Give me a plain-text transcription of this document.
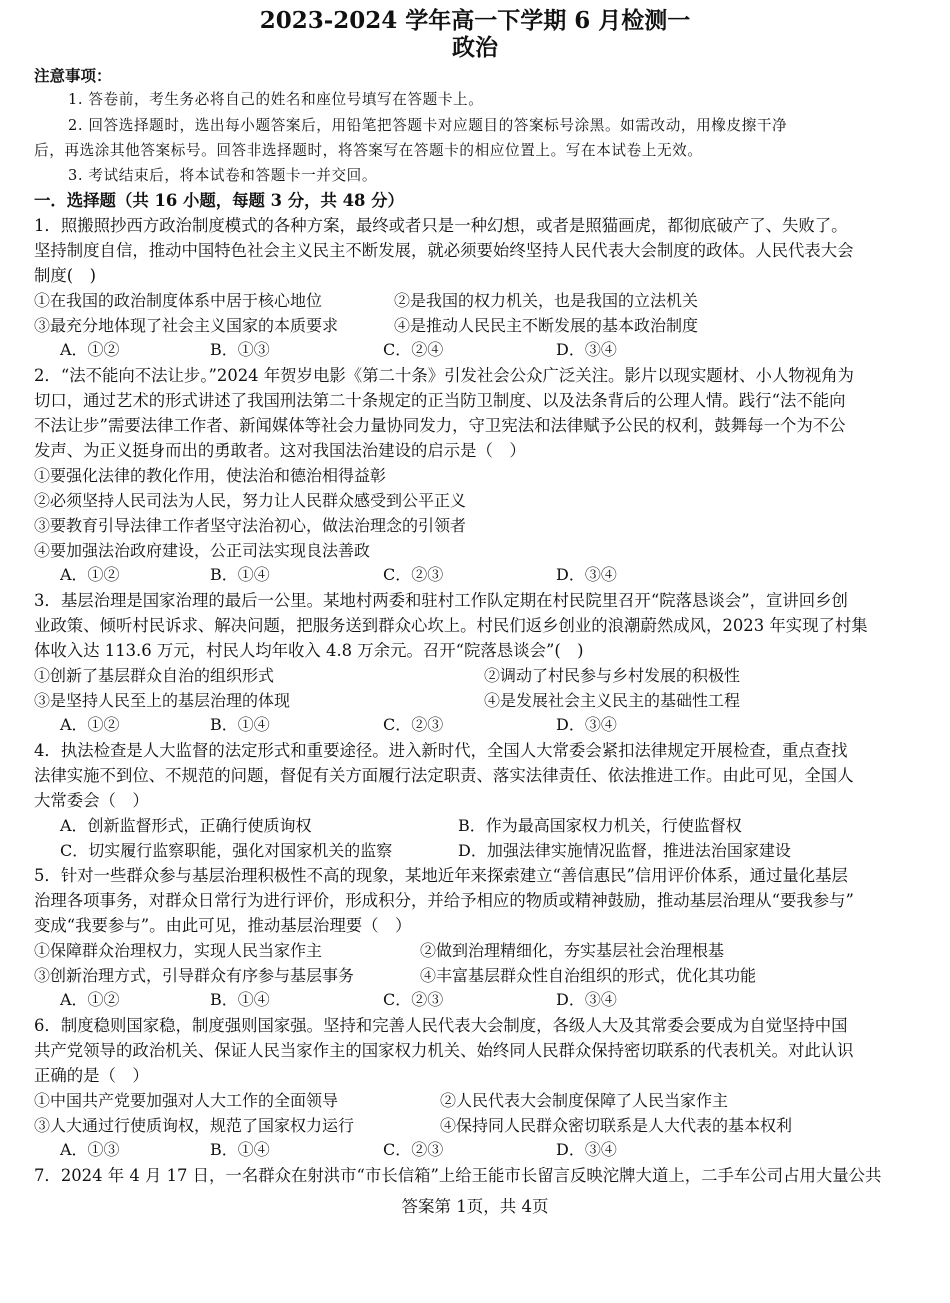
2023-2024 学年高一下学期 6 月检测一
政治
注意事项：
1. 答卷前，考生务必将自己的姓名和座位号填写在答题卡上。
2. 回答选择题时，选出每小题答案后，用铅笔把答题卡对应题目的答案标号涂黑。如需改动，用橡皮擦干净
后，再选涂其他答案标号。回答非选择题时，将答案写在答题卡的相应位置上。写在本试卷上无效。
3. 考试结束后，将本试卷和答题卡一并交回。
一．选择题（共 16 小题，每题 3 分，共 48 分）
1．照搬照抄西方政治制度模式的各种方案，最终或者只是一种幻想，或者是照猫画虎，都彻底破产了、失败了。
坚持制度自信，推动中国特色社会主义民主不断发展，就必须要始终坚持人民代表大会制度的政体。人民代表大会
制度(　)
①在我国的政治制度体系中居于核心地位	②是我国的权力机关，也是我国的立法机关
③最充分地体现了社会主义国家的本质要求	④是推动人民民主不断发展的基本政治制度
A．①②	B．①③	C．②④	D．③④
2．“法不能向不法让步。”2024 年贺岁电影《第二十条》引发社会公众广泛关注。影片以现实题材、小人物视角为
切口，通过艺术的形式讲述了我国刑法第二十条规定的正当防卫制度、以及法条背后的公理人情。践行“法不能向
不法让步”需要法律工作者、新闻媒体等社会力量协同发力，守卫宪法和法律赋予公民的权利，鼓舞每一个为不公
发声、为正义挺身而出的勇敢者。这对我国法治建设的启示是（　）
①要强化法律的教化作用，使法治和德治相得益彰
②必须坚持人民司法为人民，努力让人民群众感受到公平正义
③要教育引导法律工作者坚守法治初心，做法治理念的引领者
④要加强法治政府建设，公正司法实现良法善政
A．①②	B．①④	C．②③	D．③④
3．基层治理是国家治理的最后一公里。某地村两委和驻村工作队定期在村民院里召开“院落恳谈会”，宣讲回乡创
业政策、倾听村民诉求、解决问题，把服务送到群众心坎上。村民们返乡创业的浪潮蔚然成风，2023 年实现了村集
体收入达 113.6 万元，村民人均年收入 4.8 万余元。召开“院落恳谈会”(　)
①创新了基层群众自治的组织形式	②调动了村民参与乡村发展的积极性
③是坚持人民至上的基层治理的体现	④是发展社会主义民主的基础性工程
A．①②	B．①④	C．②③	D．③④
4．执法检查是人大监督的法定形式和重要途径。进入新时代，全国人大常委会紧扣法律规定开展检查，重点查找
法律实施不到位、不规范的问题，督促有关方面履行法定职责、落实法律责任、依法推进工作。由此可见，全国人
大常委会（　）
A．创新监督形式，正确行使质询权	B．作为最高国家权力机关，行使监督权
C．切实履行监察职能，强化对国家机关的监察	D．加强法律实施情况监督，推进法治国家建设
5．针对一些群众参与基层治理积极性不高的现象，某地近年来探索建立“善信惠民”信用评价体系，通过量化基层
治理各项事务，对群众日常行为进行评价，形成积分，并给予相应的物质或精神鼓励，推动基层治理从“要我参与”
变成“我要参与”。由此可见，推动基层治理要（　）
①保障群众治理权力，实现人民当家作主	②做到治理精细化，夯实基层社会治理根基
③创新治理方式，引导群众有序参与基层事务	④丰富基层群众性自治组织的形式，优化其功能
A．①②	B．①④	C．②③	D．③④
6．制度稳则国家稳，制度强则国家强。坚持和完善人民代表大会制度，各级人大及其常委会要成为自觉坚持中国
共产党领导的政治机关、保证人民当家作主的国家权力机关、始终同人民群众保持密切联系的代表机关。对此认识
正确的是（　）
①中国共产党要加强对人大工作的全面领导	②人民代表大会制度保障了人民当家作主
③人大通过行使质询权，规范了国家权力运行	④保持同人民群众密切联系是人大代表的基本权利
A．①③	B．①④	C．②③	D．③④
7．2024 年 4 月 17 日，一名群众在射洪市“市长信箱”上给王能市长留言反映沱牌大道上，二手车公司占用大量公共
答案第 1页，共 4页
